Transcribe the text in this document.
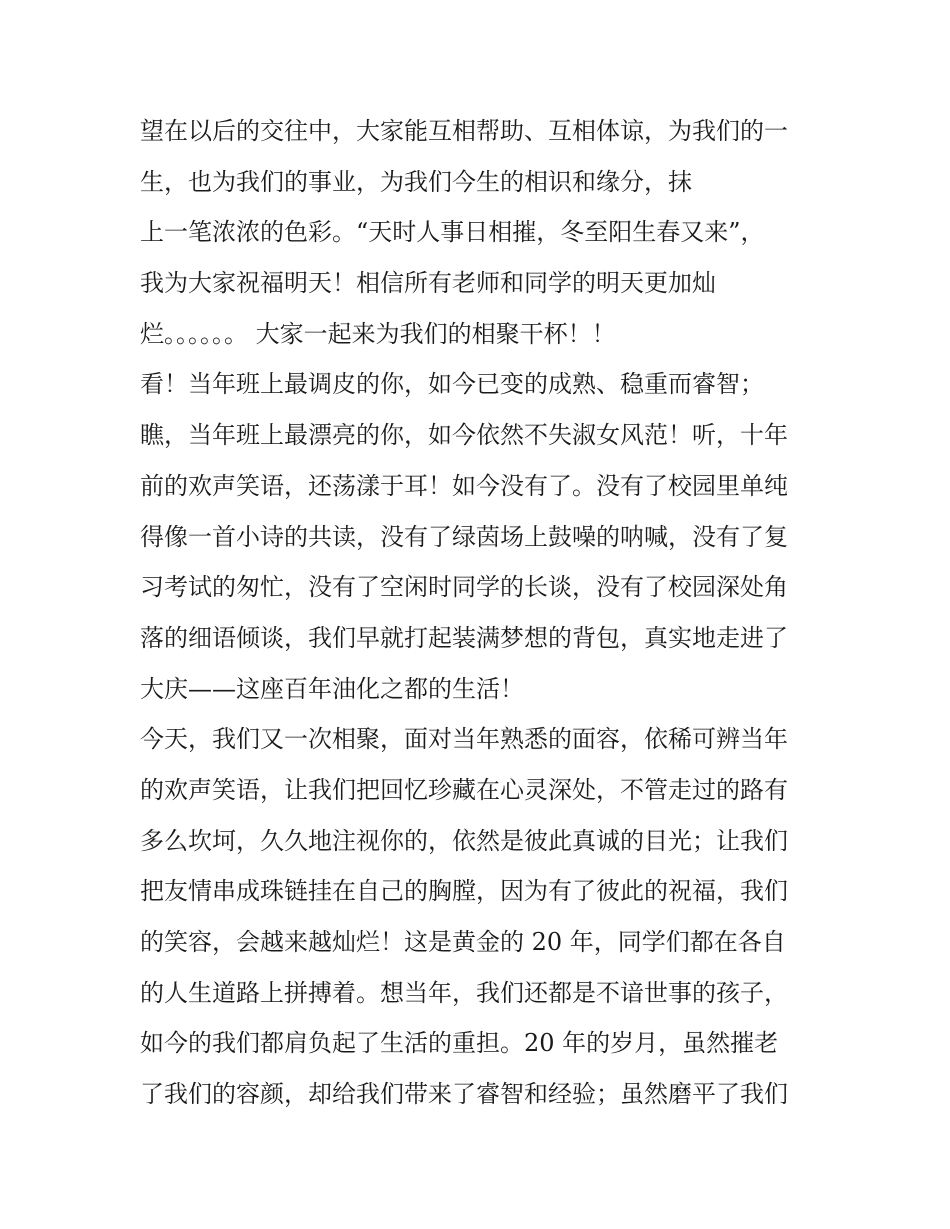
望在以后的交往中，大家能互相帮助、互相体谅，为我们的一
生，也为我们的事业，为我们今生的相识和缘分，抹
上一笔浓浓的色彩。“天时人事日相摧，冬至阳生春又来”，
我为大家祝福明天！相信所有老师和同学的明天更加灿
烂。。。。。。 大家一起来为我们的相聚干杯！！
看！当年班上最调皮的你，如今已变的成熟、稳重而睿智；
瞧，当年班上最漂亮的你，如今依然不失淑女风范！听，十年
前的欢声笑语，还荡漾于耳！如今没有了。没有了校园里单纯
得像一首小诗的共读，没有了绿茵场上鼓噪的呐喊，没有了复
习考试的匆忙，没有了空闲时同学的长谈，没有了校园深处角
落的细语倾谈，我们早就打起装满梦想的背包，真实地走进了
大庆——这座百年油化之都的生活！
今天，我们又一次相聚，面对当年熟悉的面容，依稀可辨当年
的欢声笑语，让我们把回忆珍藏在心灵深处，不管走过的路有
多么坎坷，久久地注视你的，依然是彼此真诚的目光；让我们
把友情串成珠链挂在自己的胸膛，因为有了彼此的祝福，我们
的笑容，会越来越灿烂！这是黄金的 20 年，同学们都在各自
的人生道路上拼搏着。想当年，我们还都是不谙世事的孩子，
如今的我们都肩负起了生活的重担。20 年的岁月，虽然摧老
了我们的容颜，却给我们带来了睿智和经验；虽然磨平了我们
